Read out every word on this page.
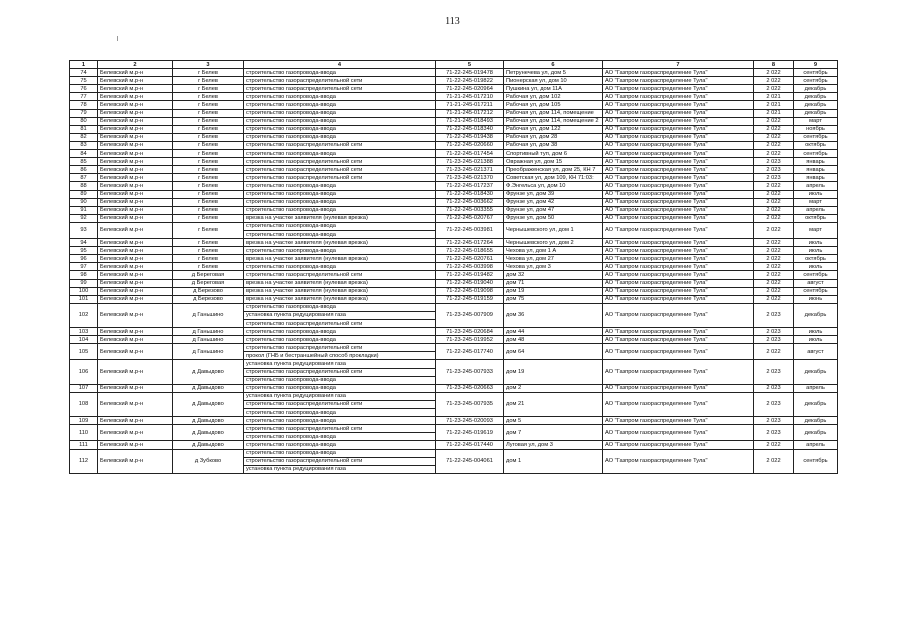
113
1	2	3	4	5	6	7	8	9
74	Белевский м.р-н	г Белев	строительство газопровода-ввода	71-22-245-019478	Петрунечева ул, дом 5	АО "Газпром газораспределение Тула"	2 022	сентябрь
75	Белевский м.р-н	г Белев	строительство газораспределительной сети	71-22-245-019822	Пионерская ул, дом 10	АО "Газпром газораспределение Тула"	2 022	сентябрь
76	Белевский м.р-н	г Белев	строительство газораспределительной сети	71-22-245-020964	Пушкина ул, дом 11А	АО "Газпром газораспределение Тула"	2 022	декабрь
77	Белевский м.р-н	г Белев	строительство газопровода-ввода	71-21-245-017210	Рабочая ул, дом 102	АО "Газпром газораспределение Тула"	2 021	декабрь
78	Белевский м.р-н	г Белев	строительство газопровода-ввода	71-21-245-017211	Рабочая ул, дом 105	АО "Газпром газораспределение Тула"	2 021	декабрь
79	Белевский м.р-н	г Белев	строительство газопровода-ввода	71-21-245-017212	Рабочая ул, дом 114, помещение	АО "Газпром газораспределение Тула"	2 021	декабрь
80	Белевский м.р-н	г Белев	строительство газопровода-ввода	71-21-245-018493	Рабочая ул, дом 114, помещение 2	АО "Газпром газораспределение Тула"	2 022	март
81	Белевский м.р-н	г Белев	строительство газопровода-ввода	71-22-245-018340	Рабочая ул, дом 122	АО "Газпром газораспределение Тула"	2 022	ноябрь
82	Белевский м.р-н	г Белев	строительство газопровода-ввода	71-22-245-019438	Рабочая ул, дом 28	АО "Газпром газораспределение Тула"	2 022	сентябрь
83	Белевский м.р-н	г Белев	строительство газораспределительной сети	71-22-245-020660	Рабочая ул, дом 38	АО "Газпром газораспределение Тула"	2 022	октябрь
84	Белевский м.р-н	г Белев	строительство газопровода-ввода	71-22-245-017454	Спортивный туп, дом 6	АО "Газпром газораспределение Тула"	2 022	сентябрь
85	Белевский м.р-н	г Белев	строительство газораспределительной сети	71-23-245-021388	Овражная ул, дом 15	АО "Газпром газораспределение Тула"	2 023	январь
86	Белевский м.р-н	г Белев	строительство газораспределительной сети	71-23-245-021371	Преображенская ул, дом 25, КН 7	АО "Газпром газораспределение Тула"	2 023	январь
87	Белевский м.р-н	г Белев	строительство газораспределительной сети	71-23-245-021370	Советская ул, дом 109, КН 71:03:	АО "Газпром газораспределение Тула"	2 023	январь
88	Белевский м.р-н	г Белев	строительство газопровода-ввода	71-22-245-017237	Ф.Энгельса ул, дом 10	АО "Газпром газораспределение Тула"	2 022	апрель
89	Белевский м.р-н	г Белев	строительство газопровода-ввода	71-22-245-018430	Фрунзе ул, дом 39	АО "Газпром газораспределение Тула"	2 022	июль
90	Белевский м.р-н	г Белев	строительство газопровода-ввода	71-22-245-003662	Фрунзе ул, дом 42	АО "Газпром газораспределение Тула"	2 022	март
91	Белевский м.р-н	г Белев	строительство газопровода-ввода	71-22-245-003355	Фрунзе ул, дом 47	АО "Газпром газораспределение Тула"	2 022	апрель
92	Белевский м.р-н	г Белев	врезка на участке заявителя (нулевая врезка)	71-22-245-020767	Фрунзе ул, дом 50	АО "Газпром газораспределение Тула"	2 022	октябрь
93	Белевский м.р-н	г Белев	строительство газопровода-ввода	71-22-245-003981	Чернышевского ул, дом 1	АО "Газпром газораспределение Тула"	2 022	март
			строительство газопровода-ввода					
94	Белевский м.р-н	г Белев	врезка на участке заявителя (нулевая врезка)	71-22-245-017264	Чернышевского ул, дом 2	АО "Газпром газораспределение Тула"	2 022	июль
95	Белевский м.р-н	г Белев	строительство газопровода-ввода	71-22-245-018655	Чехова ул, дом 1 А	АО "Газпром газораспределение Тула"	2 022	июль
96	Белевский м.р-н	г Белев	врезка на участке заявителя (нулевая врезка)	71-22-245-020761	Чехова ул, дом 27	АО "Газпром газораспределение Тула"	2 022	октябрь
97	Белевский м.р-н	г Белев	строительство газопровода-ввода	71-22-245-003998	Чехова ул, дом 3	АО "Газпром газораспределение Тула"	2 022	июль
98	Белевский м.р-н	д Береговая	строительство газораспределительной сети	71-22-245-019482	дом 32	АО "Газпром газораспределение Тула"	2 022	сентябрь
99	Белевский м.р-н	д Береговая	врезка на участке заявителя (нулевая врезка)	71-22-245-019040	дом 71	АО "Газпром газораспределение Тула"	2 022	август
100	Белевский м.р-н	д Березово	врезка на участке заявителя (нулевая врезка)	71-22-245-019098	дом 19	АО "Газпром газораспределение Тула"	2 022	сентябрь
101	Белевский м.р-н	д Березово	врезка на участке заявителя (нулевая врезка)	71-22-245-019159	дом 75	АО "Газпром газораспределение Тула"	2 022	июнь
102	Белевский м.р-н	д Ганьшино	строительство газопровода-ввода	71-23-245-007909	дом 36	АО "Газпром газораспределение Тула"	2 023	декабрь
			установка пункта редуцирования газа					
			строительство газораспределительной сети					
103	Белевский м.р-н	д Ганьшино	строительство газопровода-ввода	71-23-245-020684	дом 44	АО "Газпром газораспределение Тула"	2 023	июль
104	Белевский м.р-н	д Ганьшино	строительство газопровода-ввода	71-23-245-019952	дом 48	АО "Газпром газораспределение Тула"	2 023	июль
105	Белевский м.р-н	д Ганьшино	строительство газораспределительной сети	71-22-245-017740	дом 64	АО "Газпром газораспределение Тула"	2 022	август
			прокол (ГНБ и бестраншейный способ прокладки)					
106	Белевский м.р-н	д Давыдово	установка пункта редуцирования газа	71-23-245-007933	дом 19	АО "Газпром газораспределение Тула"	2 023	декабрь
			строительство газораспределительной сети					
			строительство газопровода-ввода					
107	Белевский м.р-н	д Давыдово	строительство газопровода-ввода	71-23-245-020663	дом 2	АО "Газпром газораспределение Тула"	2 023	апрель
108	Белевский м.р-н	д Давыдово	установка пункта редуцирования газа	71-23-245-007935	дом 21	АО "Газпром газораспределение Тула"	2 023	декабрь
			строительство газораспределительной сети					
			строительство газопровода-ввода					
109	Белевский м.р-н	д Давыдово	строительство газопровода-ввода	71-23-245-020093	дом 5	АО "Газпром газораспределение Тула"	2 023	декабрь
110	Белевский м.р-н	д Давыдово	строительство газораспределительной сети	71-22-245-019619	дом 7	АО "Газпром газораспределение Тула"	2 023	декабрь
			строительство газопровода-ввода					
111	Белевский м.р-н	д Давыдово	строительство газопровода-ввода	71-22-245-017440	Луговая ул, дом 3	АО "Газпром газораспределение Тула"	2 022	апрель
112	Белевский м.р-н	д Зубково	строительство газопровода-ввода	71-22-245-004061	дом 1	АО "Газпром газораспределение Тула"	2 022	сентябрь
			строительство газораспределительной сети					
			установка пункта редуцирования газа					
